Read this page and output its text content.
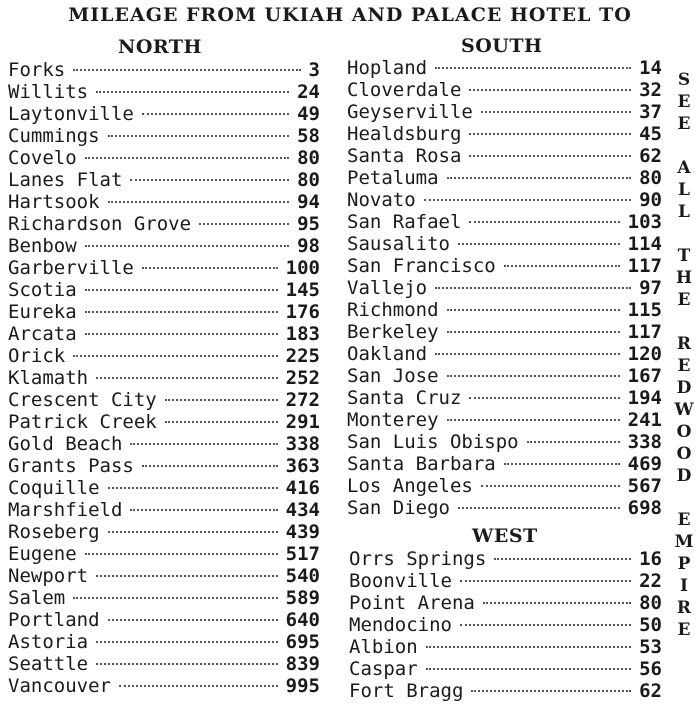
MILEAGE FROM UKIAH AND PALACE HOTEL TO
NORTH	SOUTH
WEST
Forks	3
Willits	24
Laytonville	49
Cummings	58
Covelo	80
Lanes Flat	80
Hartsook	94
Richardson Grove	95
Benbow	98
Garberville	100
Scotia	145
Eureka	176
Arcata	183
Orick	225
Klamath	252
Crescent City	272
Patrick Creek	291
Gold Beach	338
Grants Pass	363
Coquille	416
Marshfield	434
Roseberg	439
Eugene	517
Newport	540
Salem	589
Portland	640
Astoria	695
Seattle	839
Vancouver	995
Hopland	14
Cloverdale	32
Geyserville	37
Healdsburg	45
Santa Rosa	62
Petaluma	80
Novato	90
San Rafael	103
Sausalito	114
San Francisco	117
Vallejo	97
Richmond	115
Berkeley	117
Oakland	120
San Jose	167
Santa Cruz	194
Monterey	241
San Luis Obispo	338
Santa Barbara	469
Los Angeles	567
San Diego	698
Orrs Springs	16
Boonville	22
Point Arena	80
Mendocino	50
Albion	53
Caspar	56
Fort Bragg	62
SEE ALL THE REDWOOD EMPIRE
